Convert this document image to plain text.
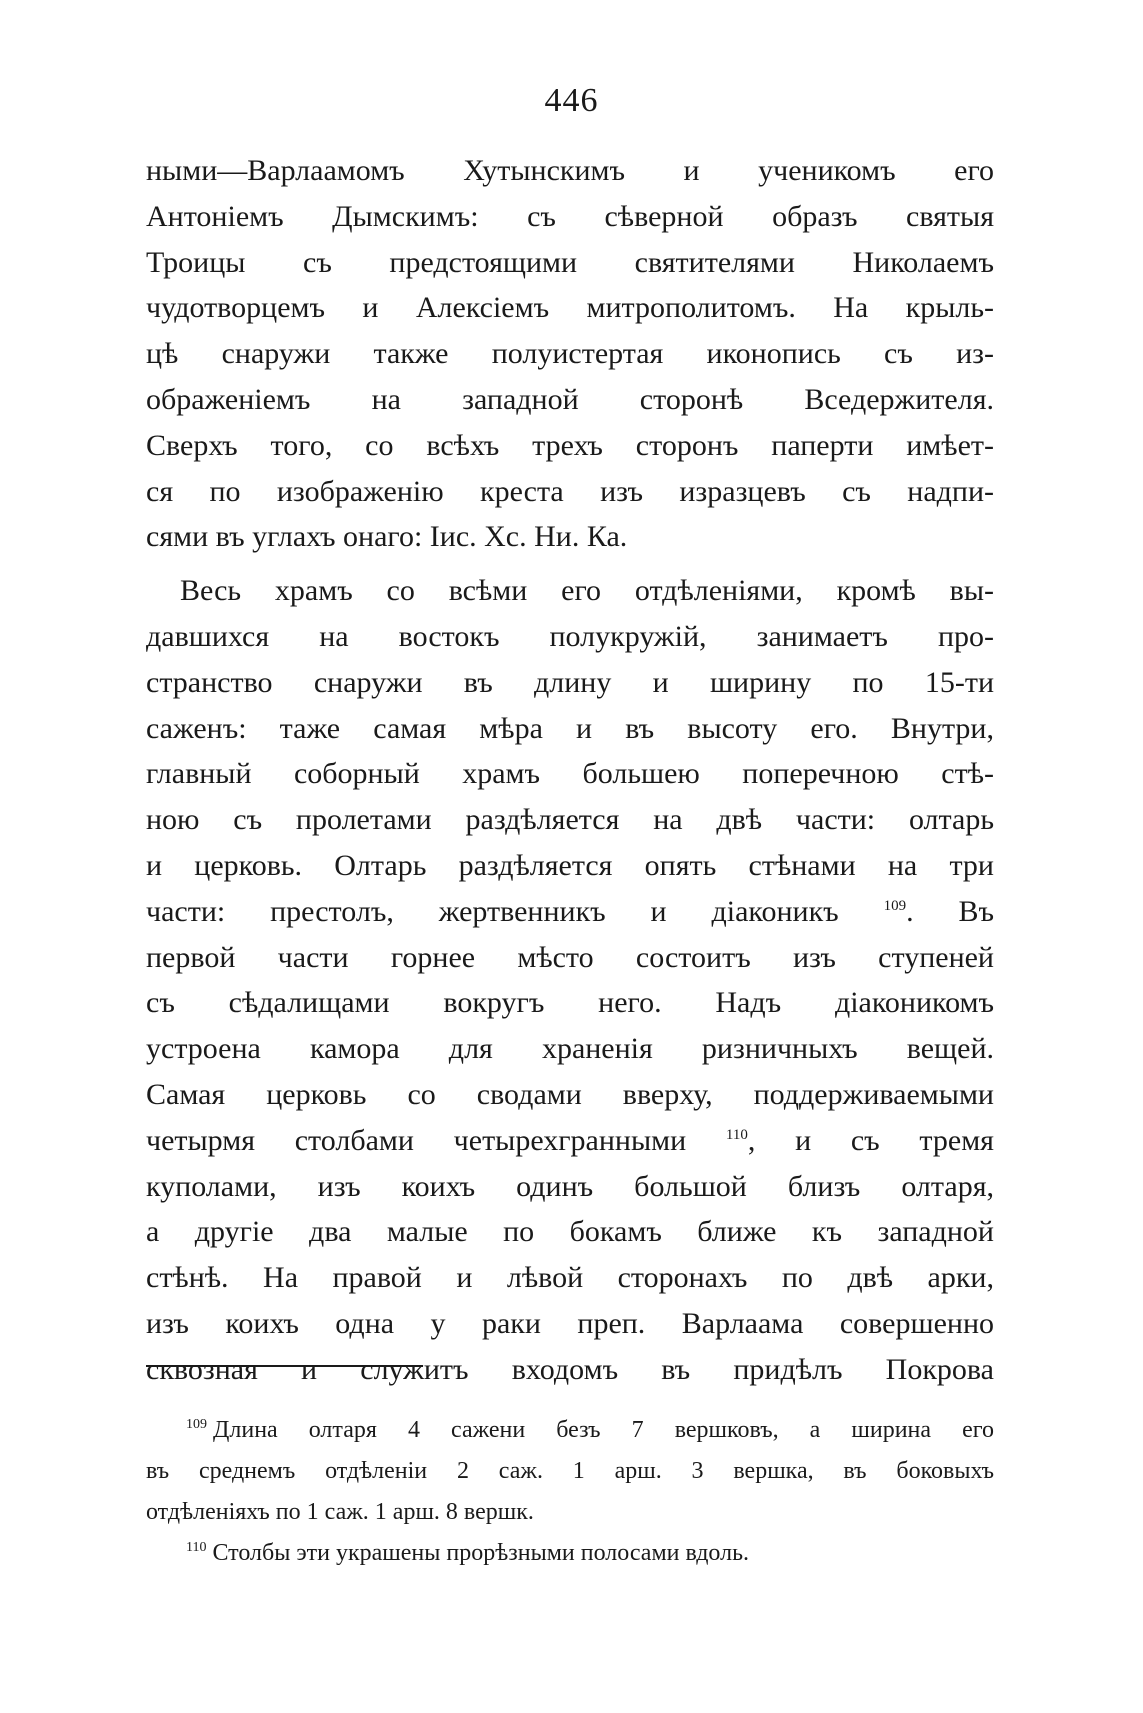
446
ными—Варлаамомъ Хутынскимъ и ученикомъ его
Антоніемъ Дымскимъ: съ сѣверной образъ святыя
Троицы съ предстоящими святителями Николаемъ
чудотворцемъ и Алексіемъ митрополитомъ. На крыль-
цѣ снаружи также полуистертая иконопись съ из-
ображеніемъ на западной сторонѣ Вседержителя.
Сверхъ того, со всѣхъ трехъ сторонъ паперти имѣет-
ся по изображенію креста изъ изразцевъ съ надпи-
сями въ углахъ онаго: Іис. Хс. Ни. Ка.
Весь храмъ со всѣми его отдѣленіями, кромѣ вы-
давшихся на востокъ полукружій, занимаетъ про-
странство снаружи въ длину и ширину по 15-ти
саженъ: таже самая мѣра и въ высоту его. Внутри,
главный соборный храмъ большею поперечною стѣ-
ною съ пролетами раздѣляется на двѣ части: олтарь
и церковь. Олтарь раздѣляется опять стѣнами на три
части: престолъ, жертвенникъ и діаконикъ $^{109}$. Въ
первой части горнее мѣсто состоитъ изъ ступеней
съ сѣдалищами вокругъ него. Надъ діаконикомъ
устроена камора для храненія ризничныхъ вещей.
Самая церковь со сводами вверху, поддерживаемыми
четырмя столбами четырехгранными $^{110}$, и съ тремя
куполами, изъ коихъ одинъ большой близъ олтаря,
а другіе два малые по бокамъ ближе къ западной
стѣнѣ. На правой и лѣвой сторонахъ по двѣ арки,
изъ коихъ одна у раки преп. Варлаама совершенно
сквозная и служитъ входомъ въ придѣлъ Покрова
$^{109}$ Длина олтаря 4 сажени безъ 7 вершковъ, а ширина его
въ среднемъ отдѣленіи 2 саж. 1 арш. 3 вершка, въ боковыхъ
отдѣленіяхъ по 1 саж. 1 арш. 8 вершк.
$^{110}$ Столбы эти украшены прорѣзными полосами вдоль.
